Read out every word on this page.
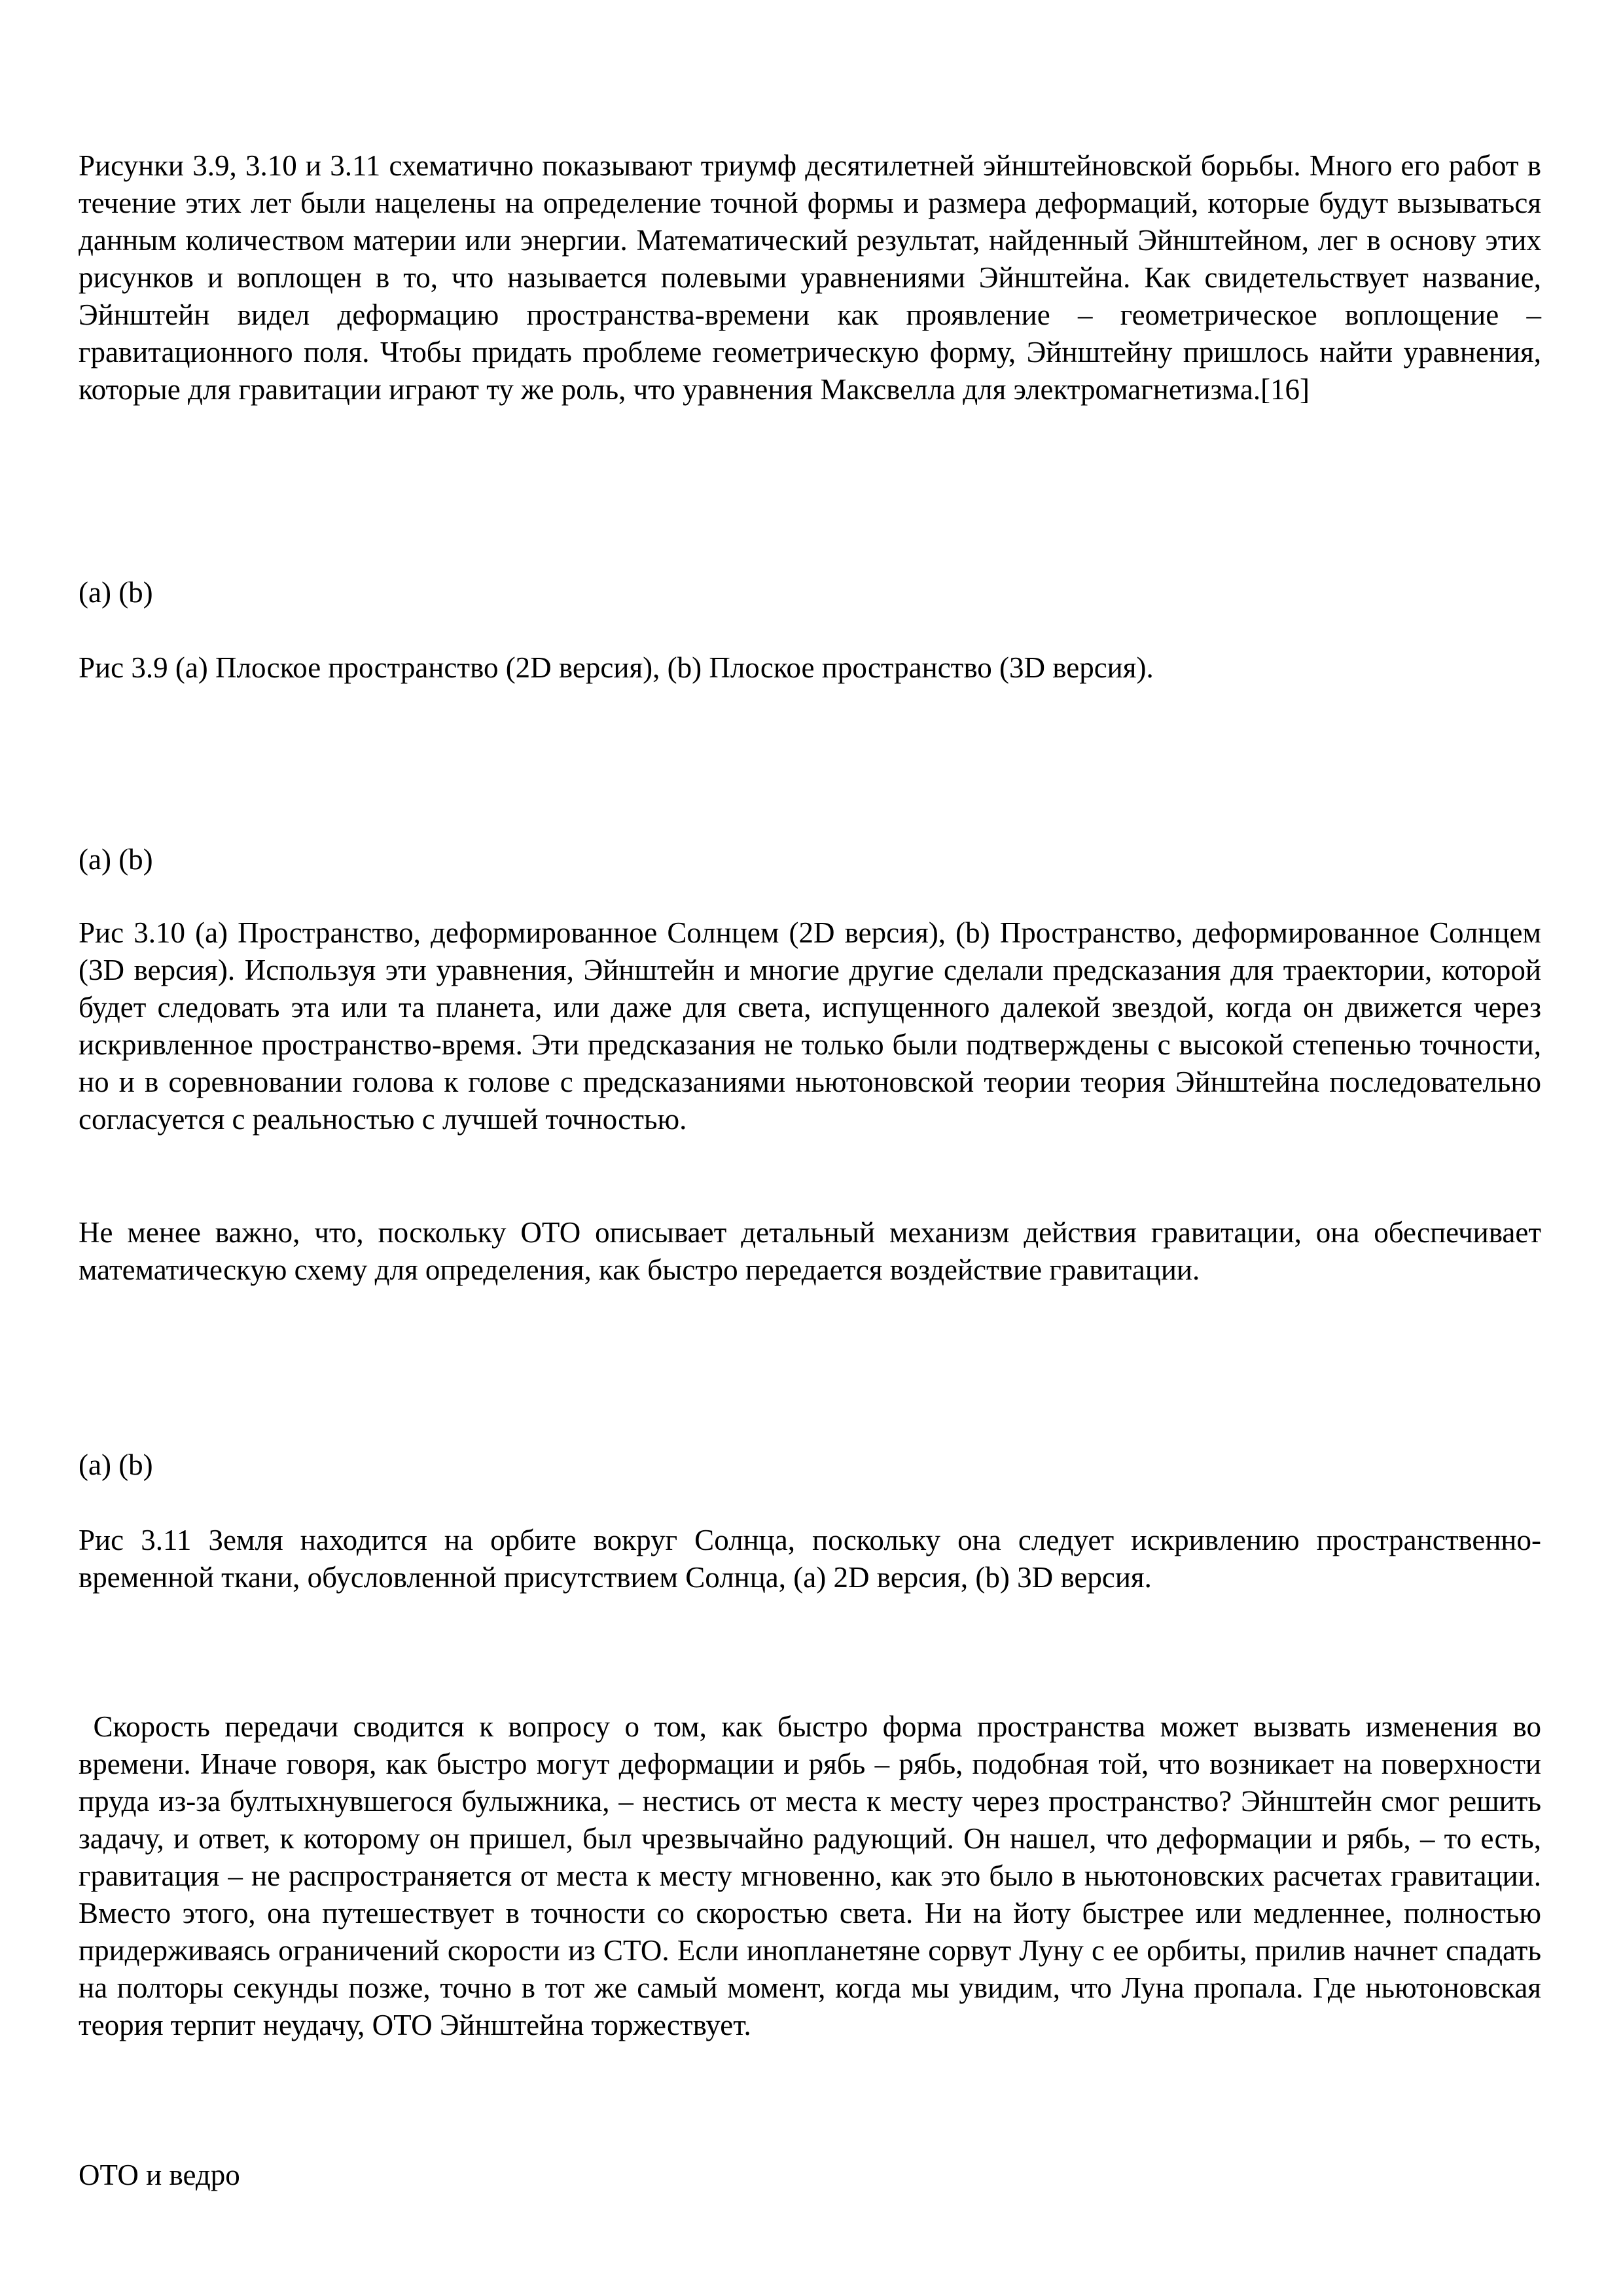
Рисунки 3.9, 3.10 и 3.11 схематично показывают триумф десятилетней эйнштейновской борьбы. Много его работ в течение этих лет были нацелены на определение точной формы и размера деформаций, которые будут вызываться данным количеством материи или энергии. Математический результат, найденный Эйнштейном, лег в основу этих рисунков и воплощен в то, что называется полевыми уравнениями Эйнштейна. Как свидетельствует название, Эйнштейн видел деформацию пространства-времени как проявление – геометрическое воплощение – гравитационного поля. Чтобы придать проблеме геометрическую форму, Эйнштейну пришлось найти уравнения, которые для гравитации играют ту же роль, что уравнения Максвелла для электромагнетизма.[16]

(a) (b)

Рис 3.9 (a) Плоское пространство (2D версия), (b) Плоское пространство (3D версия).

(a) (b)

Рис 3.10 (a) Пространство, деформированное Солнцем (2D версия), (b) Пространство, деформированное Солнцем (3D версия). Используя эти уравнения, Эйнштейн и многие другие сделали предсказания для траектории, которой будет следовать эта или та планета, или даже для света, испущенного далекой звездой, когда он движется через искривленное пространство-время. Эти предсказания не только были подтверждены с высокой степенью точности, но и в соревновании голова к голове с предсказаниями ньютоновской теории теория Эйнштейна последовательно согласуется с реальностью с лучшей точностью.

Не менее важно, что, поскольку ОТО описывает детальный механизм действия гравитации, она обеспечивает математическую схему для определения, как быстро передается воздействие гравитации.

(a) (b)

Рис 3.11 Земля находится на орбите вокруг Солнца, поскольку она следует искривлению пространственно-временной ткани, обусловленной присутствием Солнца, (a) 2D версия, (b) 3D версия.

Скорость передачи сводится к вопросу о том, как быстро форма пространства может вызвать изменения во времени. Иначе говоря, как быстро могут деформации и рябь – рябь, подобная той, что возникает на поверхности пруда из-за бултыхнувшегося булыжника, – нестись от места к месту через пространство? Эйнштейн смог решить задачу, и ответ, к которому он пришел, был чрезвычайно радующий. Он нашел, что деформации и рябь, – то есть, гравитация – не распространяется от места к месту мгновенно, как это было в ньютоновских расчетах гравитации. Вместо этого, она путешествует в точности со скоростью света. Ни на йоту быстрее или медленнее, полностью придерживаясь ограничений скорости из СТО. Если инопланетяне сорвут Луну с ее орбиты, прилив начнет спадать на полторы секунды позже, точно в тот же самый момент, когда мы увидим, что Луна пропала. Где ньютоновская теория терпит неудачу, ОТО Эйнштейна торжествует.

ОТО и ведро
